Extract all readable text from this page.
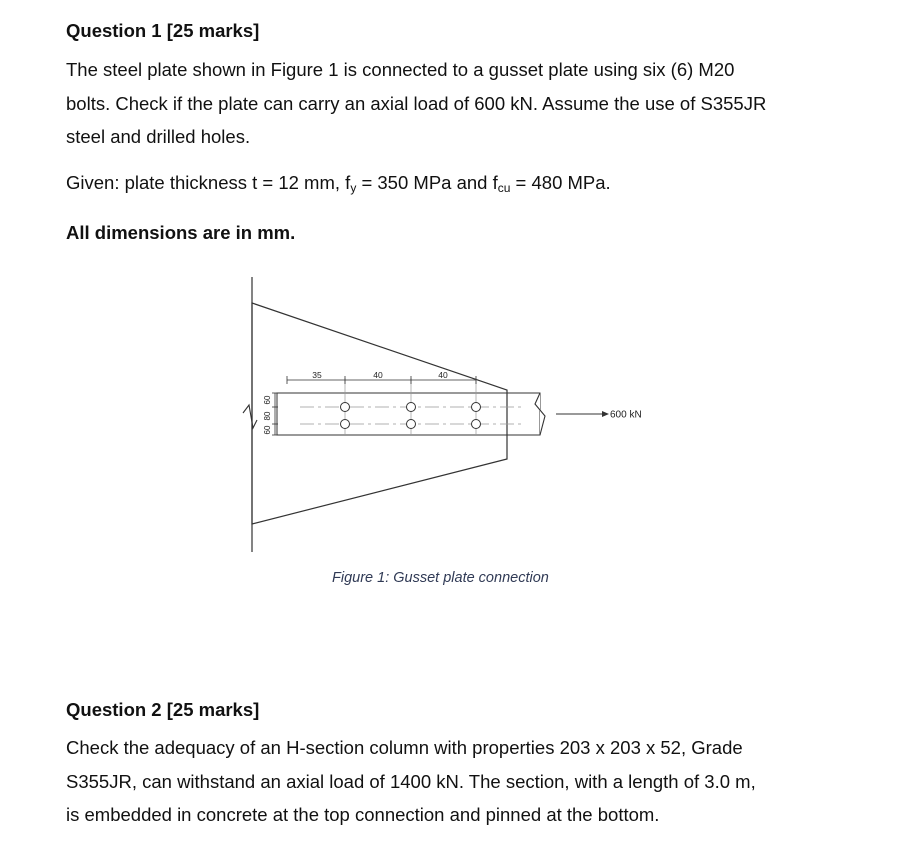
Question 1 [25 marks]
The steel plate shown in Figure 1 is connected to a gusset plate using six (6) M20
bolts. Check if the plate can carry an axial load of 600 kN. Assume the use of S355JR
steel and drilled holes.
Given: plate thickness t = 12 mm, $f_y = 350$ MPa and $f_{cu} = 480$ MPa.
All dimensions are in mm.
35	40	40
60
80
60
600 kN
Figure 1: Gusset plate connection
Question 2 [25 marks]
Check the adequacy of an H-section column with properties 203 x 203 x 52, Grade
S355JR, can withstand an axial load of 1400 kN. The section, with a length of 3.0 m,
is embedded in concrete at the top connection and pinned at the bottom.
